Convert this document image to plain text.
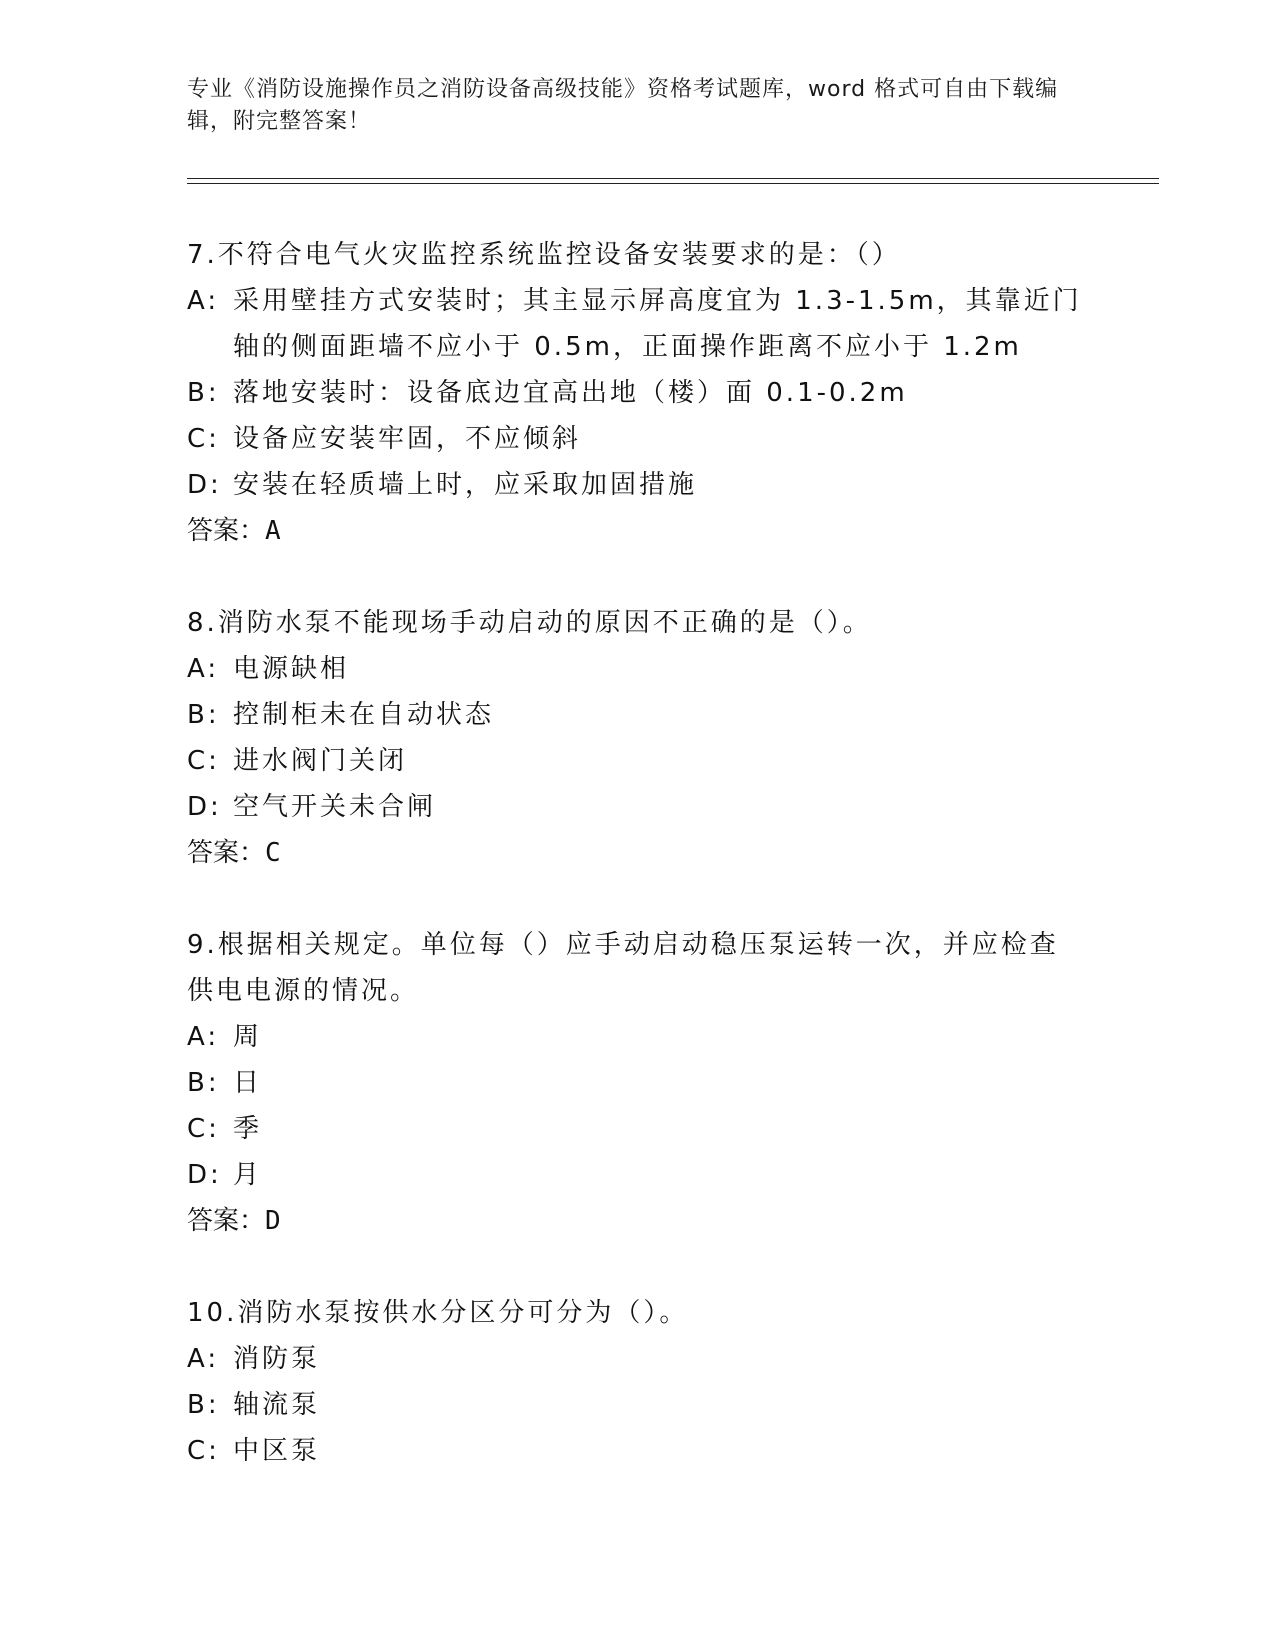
专业《消防设施操作员之消防设备高级技能》资格考试题库，word 格式可自由下载编辑，附完整答案！
7.不符合电气火灾监控系统监控设备安装要求的是：（）
A: 采用壁挂方式安装时；其主显示屏高度宜为 1.3-1.5m，其靠近门轴的侧面距墙不应小于 0.5m，正面操作距离不应小于 1.2m
B: 落地安装时：设备底边宜高出地（楼）面 0.1-0.2m
C: 设备应安装牢固，不应倾斜
D: 安装在轻质墙上时，应采取加固措施
答案：A
8.消防水泵不能现场手动启动的原因不正确的是（）。
A: 电源缺相
B: 控制柜未在自动状态
C: 进水阀门关闭
D: 空气开关未合闸
答案：C
9.根据相关规定。单位每（）应手动启动稳压泵运转一次，并应检查供电电源的情况。
A: 周
B: 日
C: 季
D: 月
答案：D
10.消防水泵按供水分区分可分为（）。
A: 消防泵
B: 轴流泵
C: 中区泵
